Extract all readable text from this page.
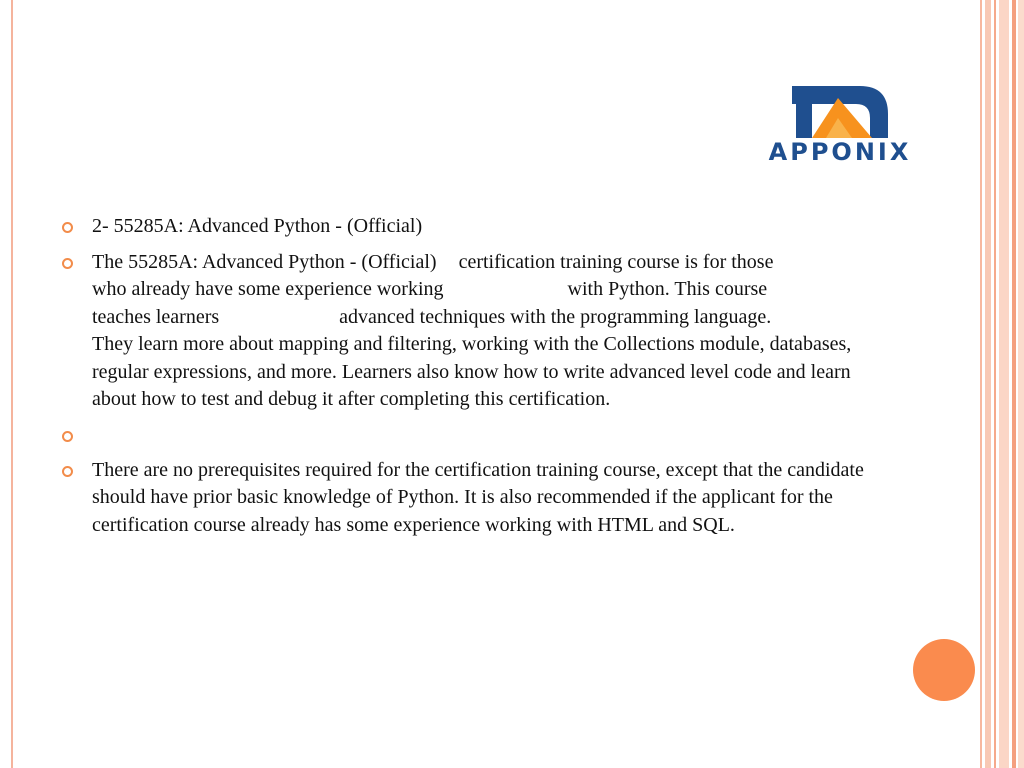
APPONIX
2- 55285A: Advanced Python - (Official)
The 55285A: Advanced Python - (Official) certification training course is for those
who already have some experience working	with Python. This course
teaches learners	advanced techniques with the programming language.
They learn more about mapping and filtering, working with the Collections module, databases, regular expressions, and more. Learners also know how to write advanced level code and learn about how to test and debug it after completing this certification.
There are no prerequisites required for the certification training course, except that the candidate should have prior basic knowledge of Python. It is also recommended if the applicant for the certification course already has some experience working with HTML and SQL.
